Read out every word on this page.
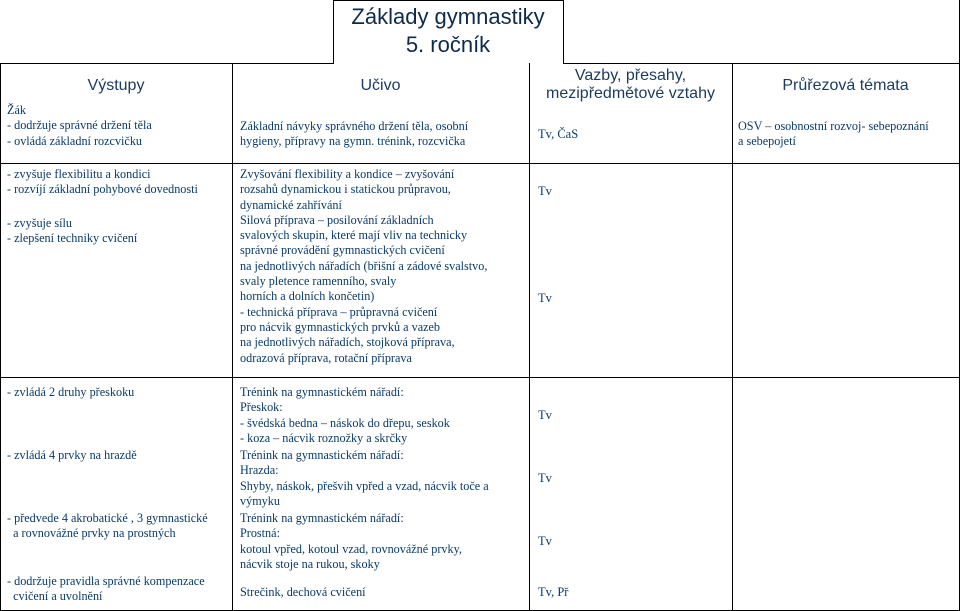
Základy gymnastiky
5. ročník
Výstupy	Učivo
Vazby, přesahy,
mezipředmětové vztahy	Průřezová témata
Žák
- dodržuje správné držení těla
- ovládá základní rozcvičku
Základní návyky správného držení těla, osobní
hygieny, přípravy na gymn. trénink, rozcvička
Tv, ČaS
OSV – osobnostní rozvoj- sebepoznání
a sebepojetí
- zvyšuje flexibilitu a kondici
- rozvíjí základní pohybové dovednosti
- zvyšuje sílu
- zlepšení techniky cvičení
Zvyšování flexibility a kondice – zvyšování
rozsahů dynamickou i statickou průpravou,
dynamické zahřívání
Silová příprava – posilování základních
svalových skupin, které mají vliv na technicky
správné provádění gymnastických cvičení
na jednotlivých nářadích (břišní a zádové svalstvo,
svaly pletence ramenního, svaly
horních a dolních končetin)
- technická příprava – průpravná cvičení
pro nácvik gymnastických prvků a vazeb
na jednotlivých nářadích, stojková příprava,
odrazová příprava, rotační příprava
Tv
Tv
- zvládá 2 druhy přeskoku
- zvládá 4 prvky na hrazdě
- předvede 4 akrobatické , 3 gymnastické
a rovnovážné prvky na prostných
- dodržuje pravidla správné kompenzace
cvičení a uvolnění
Trénink na gymnastickém nářadí:
Přeskok:
- švédská bedna – náskok do dřepu, seskok
- koza – nácvik roznožky a skrčky
Trénink na gymnastickém nářadí:
Hrazda:
Shyby, náskok, přešvih vpřed a vzad, nácvik toče a
výmyku
Trénink na gymnastickém nářadí:
Prostná:
kotoul vpřed, kotoul vzad, rovnovážné prvky,
nácvik stoje na rukou, skoky
Strečink, dechová cvičení
Tv
Tv
Tv
Tv, Př
